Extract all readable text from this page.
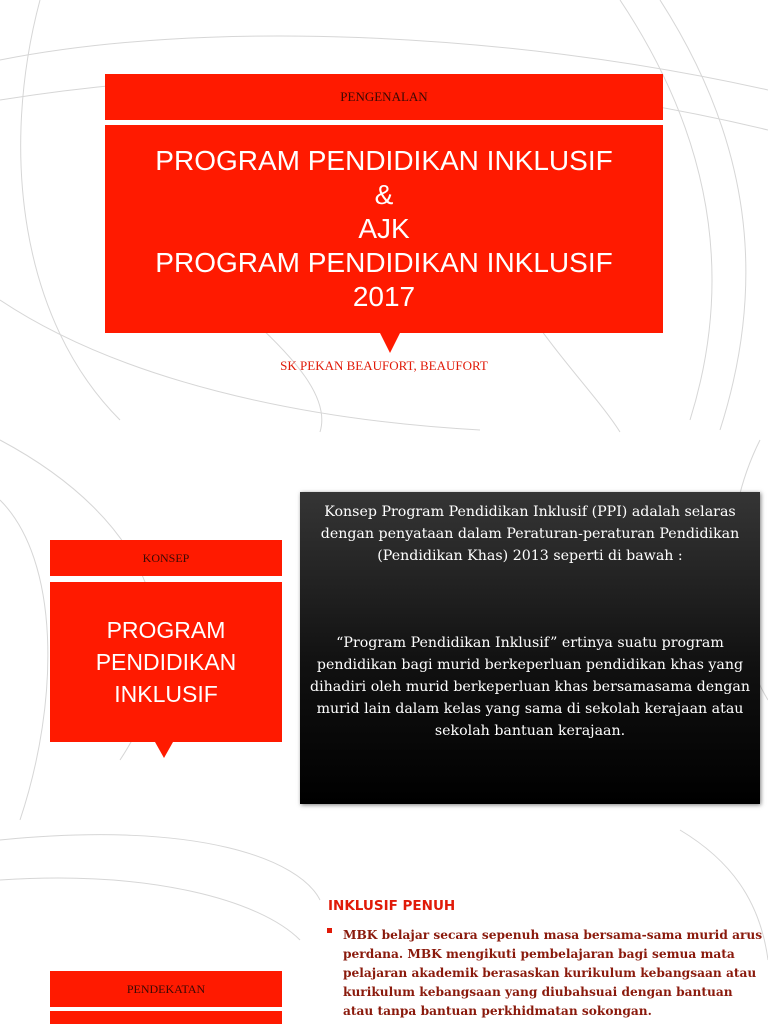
PENGENALAN
PROGRAM PENDIDIKAN INKLUSIF
&
AJK
PROGRAM PENDIDIKAN INKLUSIF
2017
SK PEKAN BEAUFORT, BEAUFORT
KONSEP
PROGRAM
PENDIDIKAN
INKLUSIF
Konsep Program Pendidikan Inklusif (PPI) adalah selaras dengan penyataan dalam Peraturan-peraturan Pendidikan (Pendidikan Khas) 2013 seperti di bawah :
“Program Pendidikan Inklusif” ertinya suatu program pendidikan bagi murid berkeperluan pendidikan khas yang dihadiri oleh murid berkeperluan khas bersamasama dengan murid lain dalam kelas yang sama di sekolah kerajaan atau sekolah bantuan kerajaan.
INKLUSIF PENUH
MBK belajar secara sepenuh masa bersama-sama murid arus perdana. MBK mengikuti pembelajaran bagi semua mata pelajaran akademik berasaskan kurikulum kebangsaan atau kurikulum kebangsaan yang diubahsuai dengan bantuan atau tanpa bantuan perkhidmatan sokongan.
PENDEKATAN
